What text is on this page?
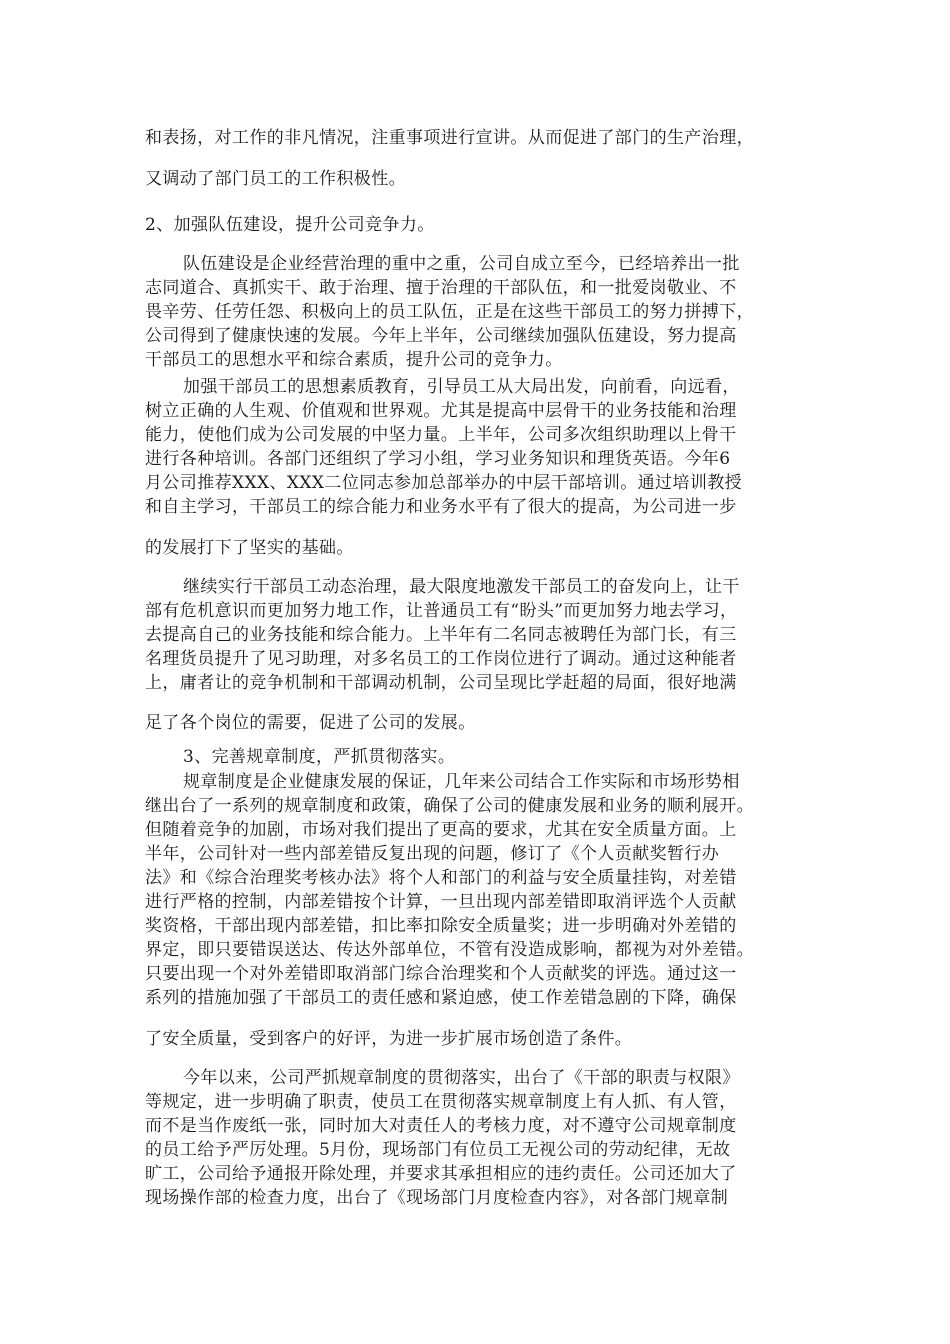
和表扬，对工作的非凡情况，注重事项进行宣讲。从而促进了部门的生产治理，
又调动了部门员工的工作积极性。
2、加强队伍建设，提升公司竞争力。
队伍建设是企业经营治理的重中之重，公司自成立至今，已经培养出一批
志同道合、真抓实干、敢于治理、擅于治理的干部队伍，和一批爱岗敬业、不
畏辛劳、任劳任怨、积极向上的员工队伍，正是在这些干部员工的努力拼搏下，
公司得到了健康快速的发展。今年上半年，公司继续加强队伍建设，努力提高
干部员工的思想水平和综合素质，提升公司的竞争力。
加强干部员工的思想素质教育，引导员工从大局出发，向前看，向远看，
树立正确的人生观、价值观和世界观。尤其是提高中层骨干的业务技能和治理
能力，使他们成为公司发展的中坚力量。上半年，公司多次组织助理以上骨干
进行各种培训。各部门还组织了学习小组，学习业务知识和理货英语。今年6
月公司推荐XXX、XXX二位同志参加总部举办的中层干部培训。通过培训教授
和自主学习，干部员工的综合能力和业务水平有了很大的提高，为公司进一步
的发展打下了坚实的基础。
继续实行干部员工动态治理，最大限度地激发干部员工的奋发向上，让干
部有危机意识而更加努力地工作，让普通员工有“盼头”而更加努力地去学习，
去提高自己的业务技能和综合能力。上半年有二名同志被聘任为部门长，有三
名理货员提升了见习助理，对多名员工的工作岗位进行了调动。通过这种能者
上，庸者让的竞争机制和干部调动机制，公司呈现比学赶超的局面，很好地满
足了各个岗位的需要，促进了公司的发展。
3、完善规章制度，严抓贯彻落实。
规章制度是企业健康发展的保证，几年来公司结合工作实际和市场形势相
继出台了一系列的规章制度和政策，确保了公司的健康发展和业务的顺利展开。
但随着竞争的加剧，市场对我们提出了更高的要求，尤其在安全质量方面。上
半年，公司针对一些内部差错反复出现的问题，修订了《个人贡献奖暂行办
法》和《综合治理奖考核办法》将个人和部门的利益与安全质量挂钩，对差错
进行严格的控制，内部差错按个计算，一旦出现内部差错即取消评选个人贡献
奖资格，干部出现内部差错，扣比率扣除安全质量奖；进一步明确对外差错的
界定，即只要错误送达、传达外部单位，不管有没造成影响，都视为对外差错。
只要出现一个对外差错即取消部门综合治理奖和个人贡献奖的评选。通过这一
系列的措施加强了干部员工的责任感和紧迫感，使工作差错急剧的下降，确保
了安全质量，受到客户的好评，为进一步扩展市场创造了条件。
今年以来，公司严抓规章制度的贯彻落实，出台了《干部的职责与权限》
等规定，进一步明确了职责，使员工在贯彻落实规章制度上有人抓、有人管，
而不是当作废纸一张，同时加大对责任人的考核力度，对不遵守公司规章制度
的员工给予严厉处理。5月份，现场部门有位员工无视公司的劳动纪律，无故
旷工，公司给予通报开除处理，并要求其承担相应的违约责任。公司还加大了
现场操作部的检查力度，出台了《现场部门月度检查内容》，对各部门规章制
